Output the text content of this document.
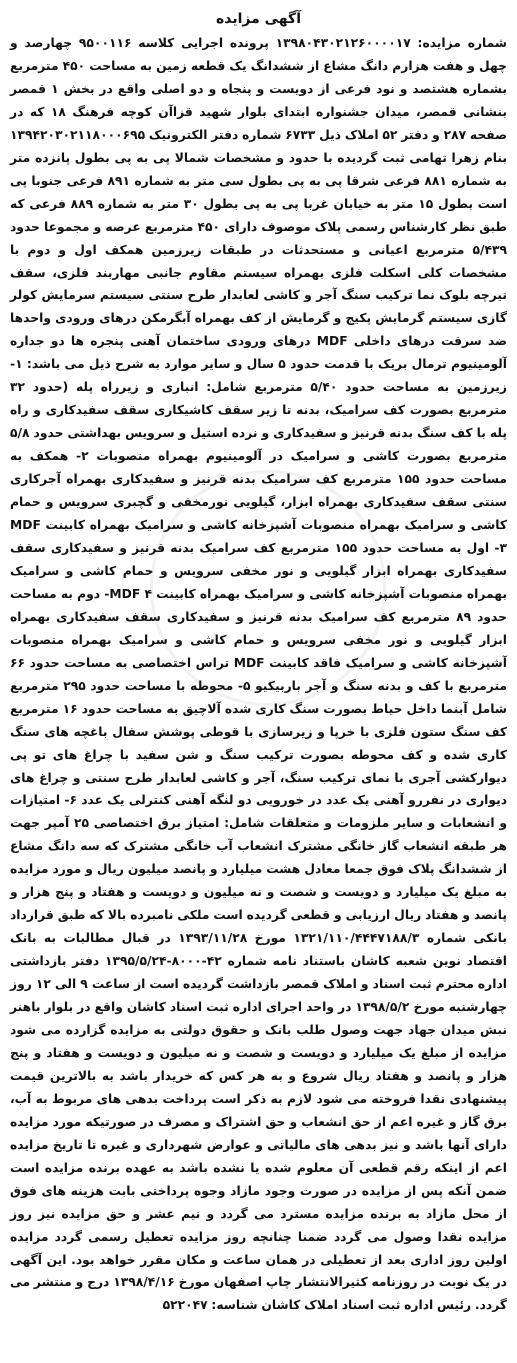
آگهی مزایده

شماره مزایده: ۱۳۹۸۰۴۳۰۲۱۲۶۰۰۰۰۱۷ پرونده اجرایی کلاسه ۹۵۰۰۱۱۶ چهارصد و چهل و هفت هزارم دانگ مشاع از ششدانگ یک قطعه زمین به مساحت ۴۵۰ مترمربع بشماره هشتصد و نود فرعی از دویست و پنجاه و دو اصلی واقع در بخش ۱ قمصر بنشانی قمصر، میدان جشنواره ابتدای بلوار شهید قزاآن کوچه فرهنگ ۱۸ که در صفحه ۲۸۷ و دفتر ۵۲ املاک ذیل ۶۷۳۳ شماره دفتر الکترونیک ۱۳۹۴۲۰۳۰۲۱۱۸۰۰۰۶۹۵ بنام زهرا تهامی ثبت گردیده با حدود و مشخصات شمالا پی به پی بطول پانزده متر به شماره ۸۸۱ فرعی شرقا پی به پی بطول سی متر به شماره ۸۹۱ فرعی جنوبا پی است بطول ۱۵ متر به خیابان غربا پی به پی بطول ۳۰ متر به شماره ۸۸۹ فرعی که طبق نظر کارشناس رسمی پلاک موصوف دارای ۴۵۰ مترمربع عرصه و مجموعا حدود ۵/۴۳۹ مترمربع اعیانی و مستحدثات در طبقات زیرزمین همکف اول و دوم با مشخصات کلی اسکلت فلزی بهمراه سیستم مقاوم جانبی مهاربند فلزی، سقف تیرچه بلوک نما ترکیب سنگ آجر و کاشی لعابدار طرح سنتی سیستم سرمایش کولر گازی سیستم گرمایش پکیج و گرمایش از کف بهمراه آبگرمکن درهای ورودی واحدها ضد سرقت درهای داخلی MDF درهای ورودی ساختمان آهنی پنجره ها دو جداره آلومینیوم ترمال بریک با قدمت حدود ۵ سال و سایر موارد به شرح ذیل می باشد: ۱- زیرزمین به مساحت حدود ۵/۴۰ مترمربع شامل: انباری و زیرراه پله (حدود ۳۲ مترمربع بصورت کف سرامیک، بدنه تا زیر سقف کاشیکاری سقف سفیدکاری و راه پله با کف سنگ بدنه قرنیز و سفیدکاری و نرده استیل و سرویس بهداشتی حدود ۵/۸ مترمربع بصورت کاشی و سرامیک در آلومینیوم بهمراه منصوبات ۲- همکف به مساحت حدود ۱۵۵ مترمربع کف سرامیک بدنه قرنیز و سفیدکاری بهمراه آجرکاری سنتی سقف سفیدکاری بهمراه ابزار، گیلویی نورمخفی و گچبری سرویس و حمام کاشی و سرامیک بهمراه منصوبات آشپزخانه کاشی و سرامیک بهمراه کابینت MDF ۳- اول به مساحت حدود ۱۵۵ مترمربع کف سرامیک بدنه قرنیز و سفیدکاری سقف سفیدکاری بهمراه ابزار گیلویی و نور مخفی سرویس و حمام کاشی و سرامیک بهمراه منصوبات آشپزخانه کاشی و سرامیک بهمراه کابینت MDF ۴- دوم به مساحت حدود ۸۹ مترمربع کف سرامیک بدنه قرنیز و سفیدکاری سقف سفیدکاری بهمراه ابزار گیلویی و نور مخفی سرویس و حمام کاشی و سرامیک بهمراه منصوبات آشپزخانه کاشی و سرامیک فاقد کابینت MDF تراس اختصاصی به مساحت حدود ۶۶ مترمربع با کف و بدنه سنگ و آجر باربیکیو ۵- محوطه با مساحت حدود ۲۹۵ مترمربع شامل آبنما داخل حیاط بصورت سنگ کاری شده آلاچیق به مساحت حدود ۱۶ مترمربع کف سنگ ستون فلزی با خرپا و زیرسازی با قوطی پوشش سفال باغچه های سنگ کاری شده و کف محوطه بصورت ترکیب سنگ و شن سفید با چراغ های تو پی دیوارکشی آجری با نمای ترکیب سنگ، آجر و کاشی لعابدار طرح سنتی و چراغ های دیواری در نفررو آهنی یک عدد در خورویی دو لنگه آهنی کنترلی یک عدد ۶- امتیازات و انشعابات و سایر ملزومات و متعلقات شامل: امتیاز برق اختصاصی ۲۵ آمپر جهت هر طبقه انشعاب گاز خانگی مشترک انشعاب آب خانگی مشترک که سه دانگ مشاع از ششدانگ پلاک فوق جمعا معادل هشت میلیارد و پانصد میلیون ریال و مورد مزایده به مبلغ یک میلیارد و دویست و شصت و نه میلیون و دویست و هفتاد و پنج هزار و پانصد و هفتاد ریال ارزیابی و قطعی گردیده است ملکی نامبرده بالا که طبق قرارداد بانکی شماره ۱۳۲۱/۱۱۰/۴۴۴۷۱۸۸/۳ مورخ ۱۳۹۳/۱۱/۲۸ در قبال مطالبات به بانک اقتصاد نوین شعبه کاشان باستناد نامه شماره ۴۲-۸۰۰۰-۱۳۹۵/۵/۲۴ دفتر بازداشتی اداره محترم ثبت اسناد و املاک قمصر بازداشت گردیده است از ساعت ۹ الی ۱۲ روز چهارشنبه مورخ ۱۳۹۸/۵/۲ در واحد اجرای اداره ثبت اسناد کاشان واقع در بلوار باهنر نبش میدان جهاد جهت وصول طلب بانک و حقوق دولتی به مزایده گزارده می شود مزایده از مبلغ یک میلیارد و دویست و شصت و نه میلیون و دویست و هفتاد و پنج هزار و پانصد و هفتاد ریال شروع و به هر کس که خریدار باشد به بالاترین قیمت پیشنهادی نقدا فروخته می شود لازم به ذکر است پرداخت بدهی های مربوط به آب، برق گاز و غیره اعم از حق انشعاب و حق اشتراک و مصرف در صورتیکه مورد مزایده دارای آنها باشد و نیز بدهی های مالیاتی و عوارض شهرداری و غیره تا تاریخ مزایده اعم از اینکه رقم قطعی آن معلوم شده یا نشده باشد به عهده برنده مزایده است ضمن آنکه پس از مزایده در صورت وجود مازاد وجوه پرداختی بابت هزینه های فوق از محل مازاد به برنده مزایده مسترد می گردد و نیم عشر و حق مزایده نیز روز مزایده نقدا وصول می گردد ضمنا چنانچه روز مزایده تعطیل رسمی گردد مزایده اولین روز اداری بعد از تعطیلی در همان ساعت و مکان مقرر خواهد بود. این آگهی در یک نوبت در روزنامه کثیرالانتشار چاپ اصفهان مورخ ۱۳۹۸/۴/۱۶ درج و منتشر می گردد. رئیس اداره ثبت اسناد املاک کاشان شناسه: ۵۲۲۰۴۷
